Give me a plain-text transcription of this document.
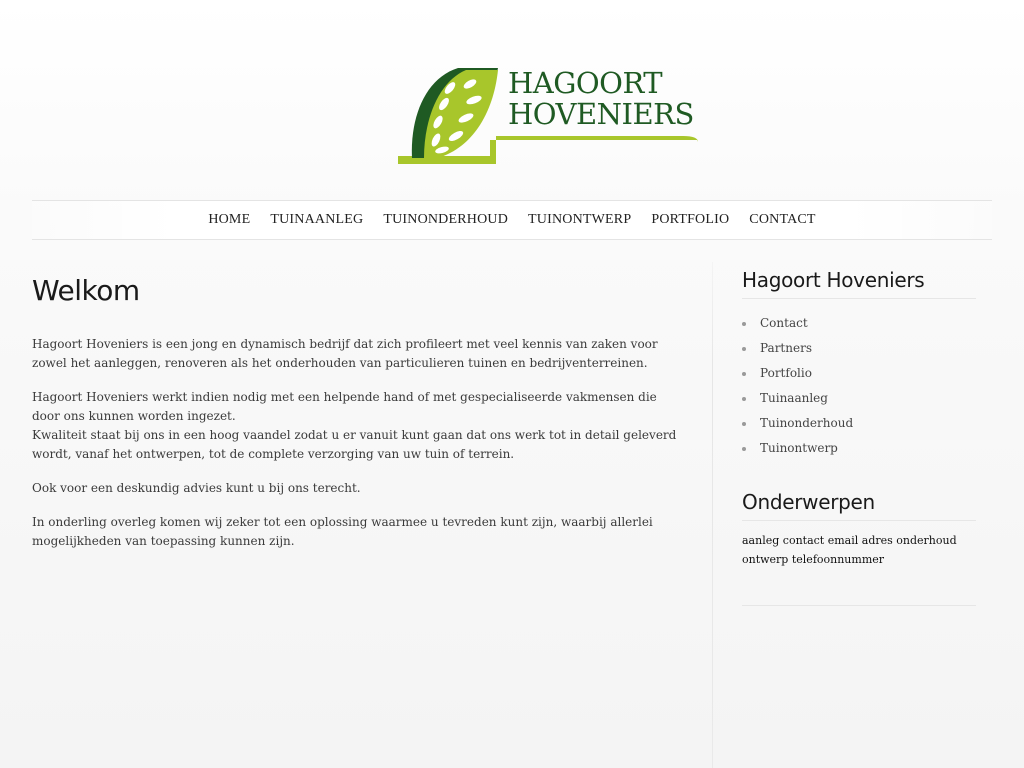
HAGOORT
HOVENIERS
HOME	TUINAANLEG	TUINONDERHOUD	TUINONTWERP	PORTFOLIO	CONTACT
Welkom

Hagoort Hoveniers is een jong en dynamisch bedrijf dat zich profileert met veel kennis van zaken voor zowel het aanleggen, renoveren als het onderhouden van particulieren tuinen en bedrijventerreinen.

Hagoort Hoveniers werkt indien nodig met een helpende hand of met gespecialiseerde vakmensen die door ons kunnen worden ingezet.
Kwaliteit staat bij ons in een hoog vaandel zodat u er vanuit kunt gaan dat ons werk tot in detail geleverd wordt, vanaf het ontwerpen, tot de complete verzorging van uw tuin of terrein.

Ook voor een deskundig advies kunt u bij ons terecht.

In onderling overleg komen wij zeker tot een oplossing waarmee u tevreden kunt zijn, waarbij allerlei mogelijkheden van toepassing kunnen zijn.

Hagoort Hoveniers
Contact
Partners
Portfolio
Tuinaanleg
Tuinonderhoud
Tuinontwerp
Onderwerpen
aanleg contact email adres onderhoud ontwerp telefoonnummer
